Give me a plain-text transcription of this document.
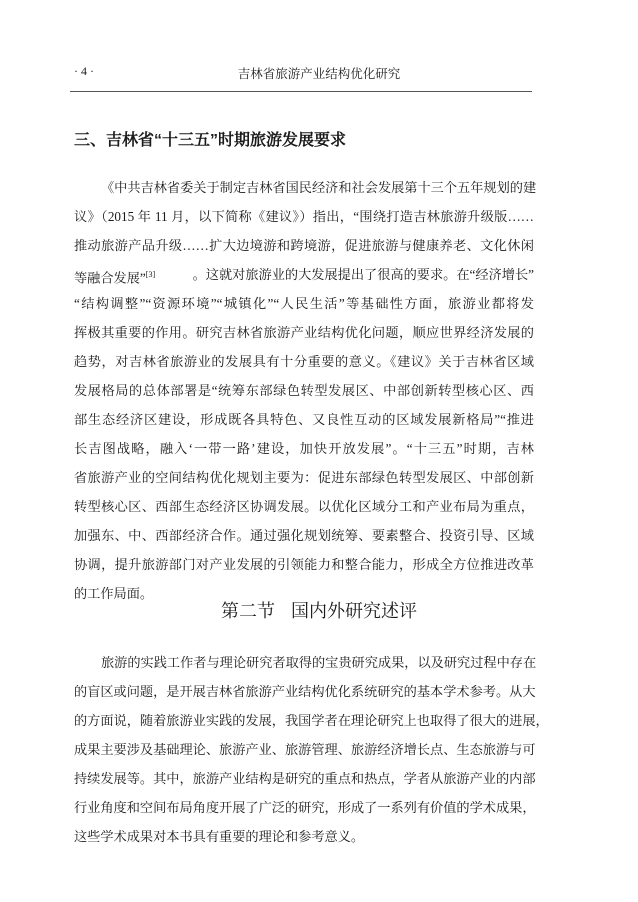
· 4 ·	吉林省旅游产业结构优化研究
三、吉林省“十三五”时期旅游发展要求
《中共吉林省委关于制定吉林省国民经济和社会发展第十三个五年规划的建
议》（2015 年 11 月，以下简称《建议》）指出，“围绕打造吉林旅游升级版……
推动旅游产品升级……扩大边境游和跨境游，促进旅游与健康养老、文化休闲
等融合发展”[3]	。这就对旅游业的大发展提出了很高的要求。在“经济增长”
“结构调整”“资源环境”“城镇化”“人民生活”等基础性方面，旅游业都将发
挥极其重要的作用。研究吉林省旅游产业结构优化问题，顺应世界经济发展的
趋势，对吉林省旅游业的发展具有十分重要的意义。《建议》关于吉林省区域
发展格局的总体部署是“统筹东部绿色转型发展区、中部创新转型核心区、西
部生态经济区建设，形成既各具特色、又良性互动的区域发展新格局”“推进
长吉图战略，融入‘一带一路’建设，加快开放发展”。“十三五”时期，吉林
省旅游产业的空间结构优化规划主要为：促进东部绿色转型发展区、中部创新
转型核心区、西部生态经济区协调发展。以优化区域分工和产业布局为重点，
加强东、中、西部经济合作。通过强化规划统筹、要素整合、投资引导、区域
协调，提升旅游部门对产业发展的引领能力和整合能力，形成全方位推进改革
的工作局面。
第二节 国内外研究述评
旅游的实践工作者与理论研究者取得的宝贵研究成果，以及研究过程中存在
的盲区或问题，是开展吉林省旅游产业结构优化系统研究的基本学术参考。从大
的方面说，随着旅游业实践的发展，我国学者在理论研究上也取得了很大的进展，
成果主要涉及基础理论、旅游产业、旅游管理、旅游经济增长点、生态旅游与可
持续发展等。其中，旅游产业结构是研究的重点和热点，学者从旅游产业的内部
行业角度和空间布局角度开展了广泛的研究，形成了一系列有价值的学术成果，
这些学术成果对本书具有重要的理论和参考意义。
